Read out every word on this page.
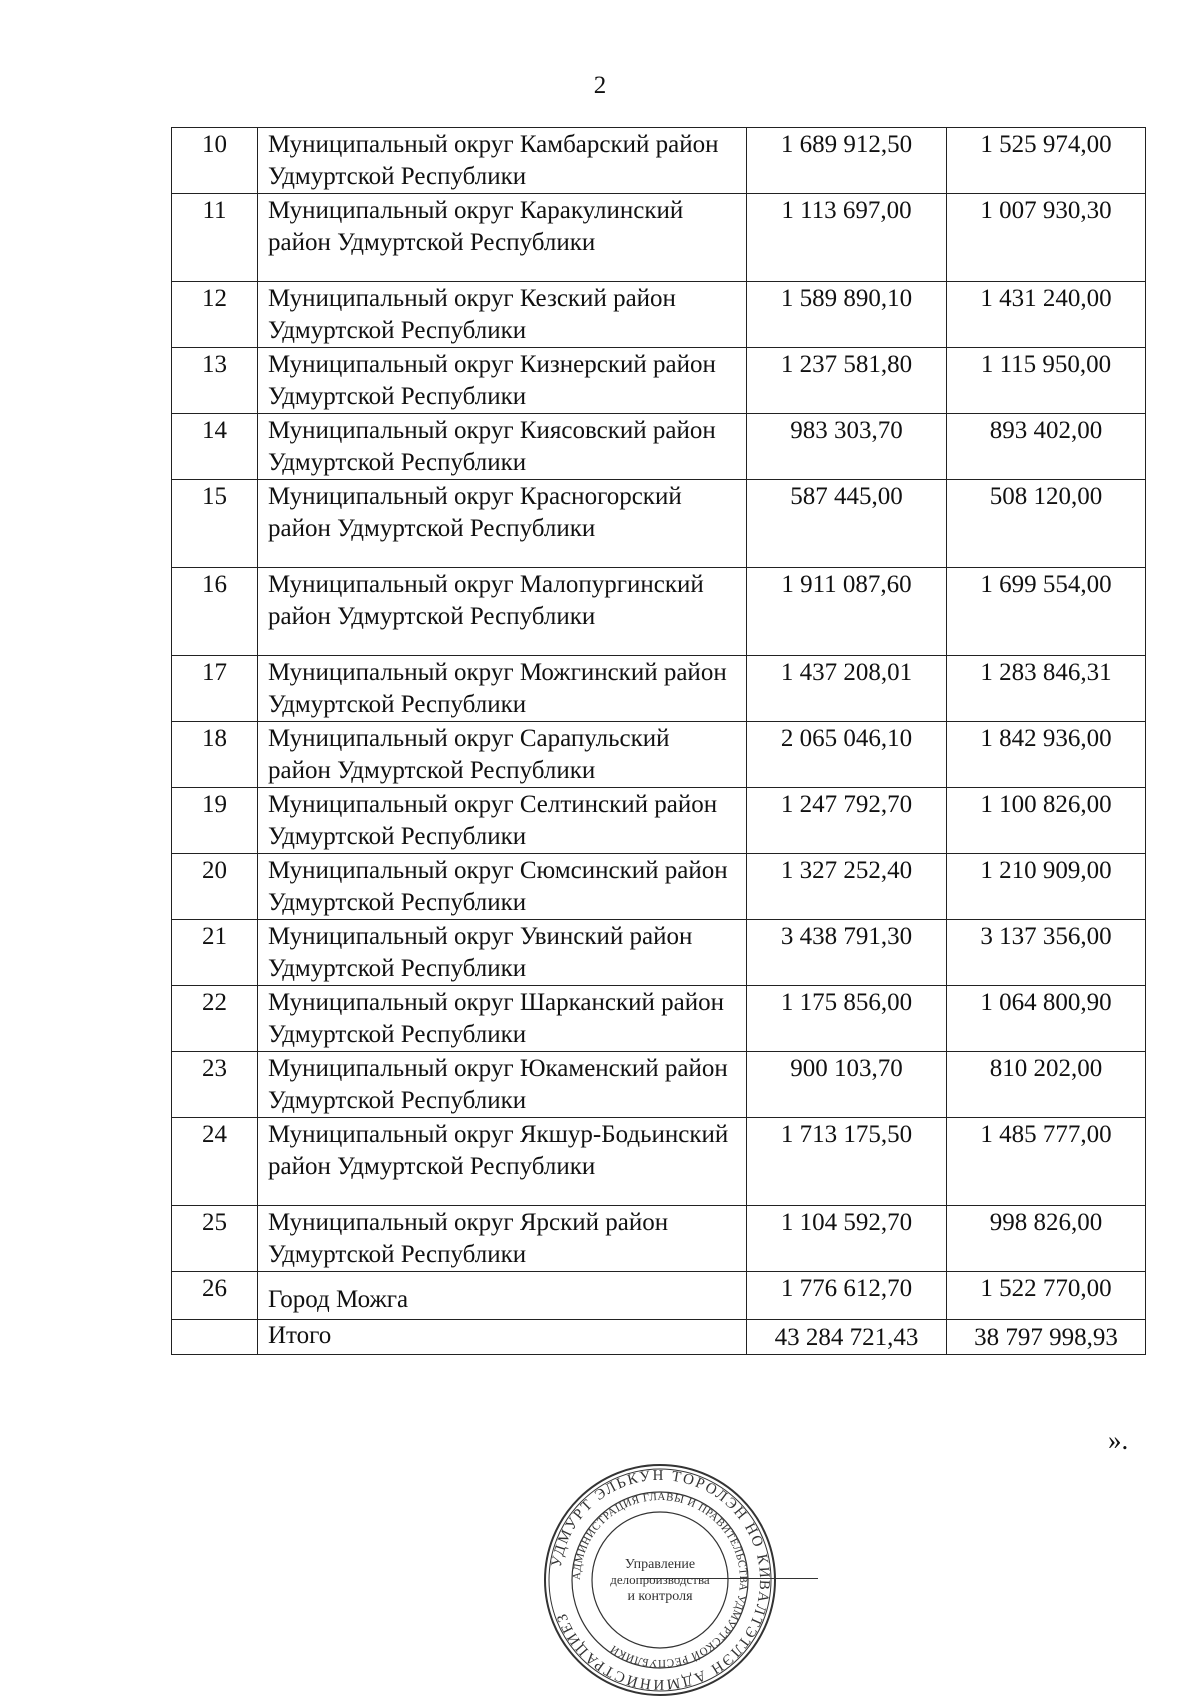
2
10	Муниципальный округ Камбарский район Удмуртской Республики	1 689 912,50	1 525 974,00
11	Муниципальный округ Каракулинский район Удмуртской Республики	1 113 697,00	1 007 930,30
12	Муниципальный округ Кезский район Удмуртской Республики	1 589 890,10	1 431 240,00
13	Муниципальный округ Кизнерский район Удмуртской Республики	1 237 581,80	1 115 950,00
14	Муниципальный округ Киясовский район Удмуртской Республики	983 303,70	893 402,00
15	Муниципальный округ Красногорский район Удмуртской Республики	587 445,00	508 120,00
16	Муниципальный округ Малопургинский район Удмуртской Республики	1 911 087,60	1 699 554,00
17	Муниципальный округ Можгинский район Удмуртской Республики	1 437 208,01	1 283 846,31
18	Муниципальный округ Сарапульский район Удмуртской Республики	2 065 046,10	1 842 936,00
19	Муниципальный округ Селтинский район Удмуртской Республики	1 247 792,70	1 100 826,00
20	Муниципальный округ Сюмсинский район Удмуртской Республики	1 327 252,40	1 210 909,00
21	Муниципальный округ Увинский район Удмуртской Республики	3 438 791,30	3 137 356,00
22	Муниципальный округ Шарканский район Удмуртской Республики	1 175 856,00	1 064 800,90
23	Муниципальный округ Юкаменский район Удмуртской Республики	900 103,70	810 202,00
24	Муниципальный округ Якшур-Бодьинский район Удмуртской Республики	1 713 175,50	1 485 777,00
25	Муниципальный округ Ярский район Удмуртской Республики	1 104 592,70	998 826,00
26	Город Можга	1 776 612,70	1 522 770,00
	Итого	43 284 721,43	38 797 998,93
».
УДМУРТ ЭЛЬКУН ТОРОЛЭН НО КИВАЛТЭТЛЭН АДМИНИСТРАЦИЕЗ
АДМИНИСТРАЦИЯ ГЛАВЫ И ПРАВИТЕЛЬСТВА УДМУРТСКОЙ РЕСПУБЛИКИ
Управление
делопроизводства
и контроля
